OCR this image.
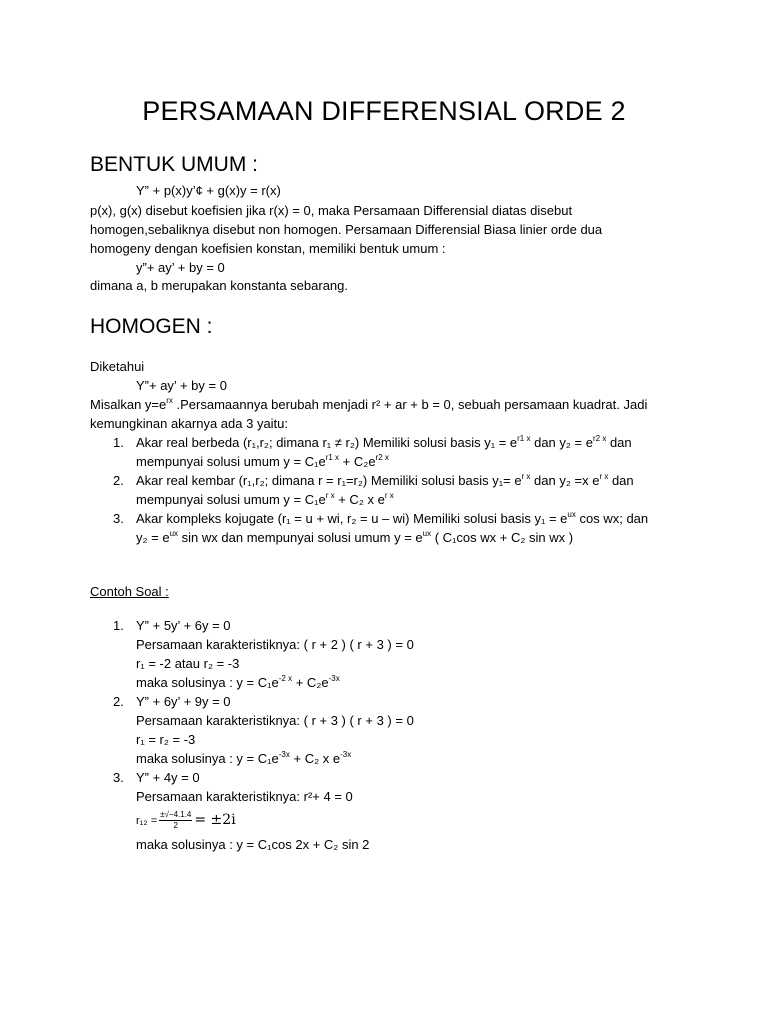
PERSAMAAN DIFFERENSIAL ORDE 2
BENTUK UMUM :
Y” + p(x)y’¢ + g(x)y = r(x)
p(x), g(x) disebut koefisien jika r(x) = 0, maka Persamaan Differensial diatas disebut
homogen,sebaliknya disebut non homogen. Persamaan Differensial Biasa linier orde dua
homogeny dengan koefisien konstan, memiliki bentuk umum :
y”+ ay’ + by = 0
dimana a, b merupakan konstanta sebarang.
HOMOGEN :
Diketahui
Y”+ ay’ + by = 0
Misalkan $y=e^{rx}$ .Persamaannya berubah menjadi r² + ar + b = 0, sebuah persamaan kuadrat. Jadi
kemungkinan akarnya ada 3 yaitu:
1. Akar real berbeda (r₁,r₂; dimana r₁ ≠ r₂) Memiliki solusi basis $y_1 = e^{r1 x}$ dan $y_2 = e^{r2 x}$ dan
mempunyai solusi umum $y = C_1e^{r1 x} + C_2e^{r2 x}$
2. Akar real kembar (r₁,r₂; dimana r = r₁=r₂) Memiliki solusi basis $y_1= e^{r x}$ dan y₂ =x $e^{r x}$ dan
mempunyai solusi umum $y = C_1e^{r x} + C_2$ x $e^{r x}$
3. Akar kompleks kojugate (r₁ = u + wi, r₂ = u – wi) Memiliki solusi basis $y_1 = e^{ux}$ cos wx; dan
$y_2 = e^{ux}$ sin wx dan mempunyai solusi umum $y = e^{ux}$ ( C₁cos wx + C₂ sin wx )
Contoh Soal :
1. Y” + 5y’ + 6y = 0
Persamaan karakteristiknya: ( r + 2 ) ( r + 3 ) = 0
r₁ = -2 atau r₂ = -3
maka solusinya : $y = C_1e^{-2 x} + C_2e^{-3x}$
2. Y” + 6y’ + 9y = 0
Persamaan karakteristiknya: ( r + 3 ) ( r + 3 ) = 0
r₁ = r₂ = -3
maka solusinya : $y = C_1e^{-3x} + C_2$ x $e^{-3x}$
3. Y” + 4y = 0
Persamaan karakteristiknya: r²+ 4 = 0
$r_{12} = \frac{\pm√-4.1.4}{2} = \pm 2i$
maka solusinya : y = C₁cos 2x + C₂ sin 2
